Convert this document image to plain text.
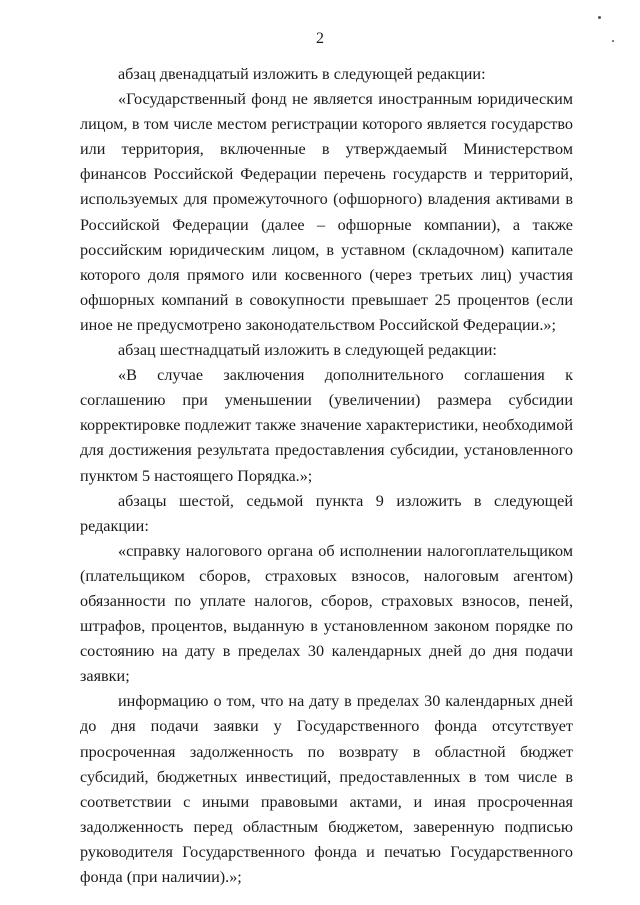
2

абзац двенадцатый изложить в следующей редакции:

«Государственный фонд не является иностранным юридическим лицом, в том числе местом регистрации которого является государство или территория, включенные в утверждаемый Министерством финансов Российской Федерации перечень государств и территорий, используемых для промежуточного (офшорного) владения активами в Российской Федерации (далее – офшорные компании), а также российским юридическим лицом, в уставном (складочном) капитале которого доля прямого или косвенного (через третьих лиц) участия офшорных компаний в совокупности превышает 25 процентов (если иное не предусмотрено законодательством Российской Федерации.»;

абзац шестнадцатый изложить в следующей редакции:

«В случае заключения дополнительного соглашения к соглашению при уменьшении (увеличении) размера субсидии корректировке подлежит также значение характеристики, необходимой для достижения результата предоставления субсидии, установленного пунктом 5 настоящего Порядка.»;

абзацы шестой, седьмой пункта 9 изложить в следующей редакции:

«справку налогового органа об исполнении налогоплательщиком (плательщиком сборов, страховых взносов, налоговым агентом) обязанности по уплате налогов, сборов, страховых взносов, пеней, штрафов, процентов, выданную в установленном законом порядке по состоянию на дату в пределах 30 календарных дней до дня подачи заявки;

информацию о том, что на дату в пределах 30 календарных дней до дня подачи заявки у Государственного фонда отсутствует просроченная задолженность по возврату в областной бюджет субсидий, бюджетных инвестиций, предоставленных в том числе в соответствии с иными правовыми актами, и иная просроченная задолженность перед областным бюджетом, заверенную подписью руководителя Государственного фонда и печатью Государственного фонда (при наличии).»;
